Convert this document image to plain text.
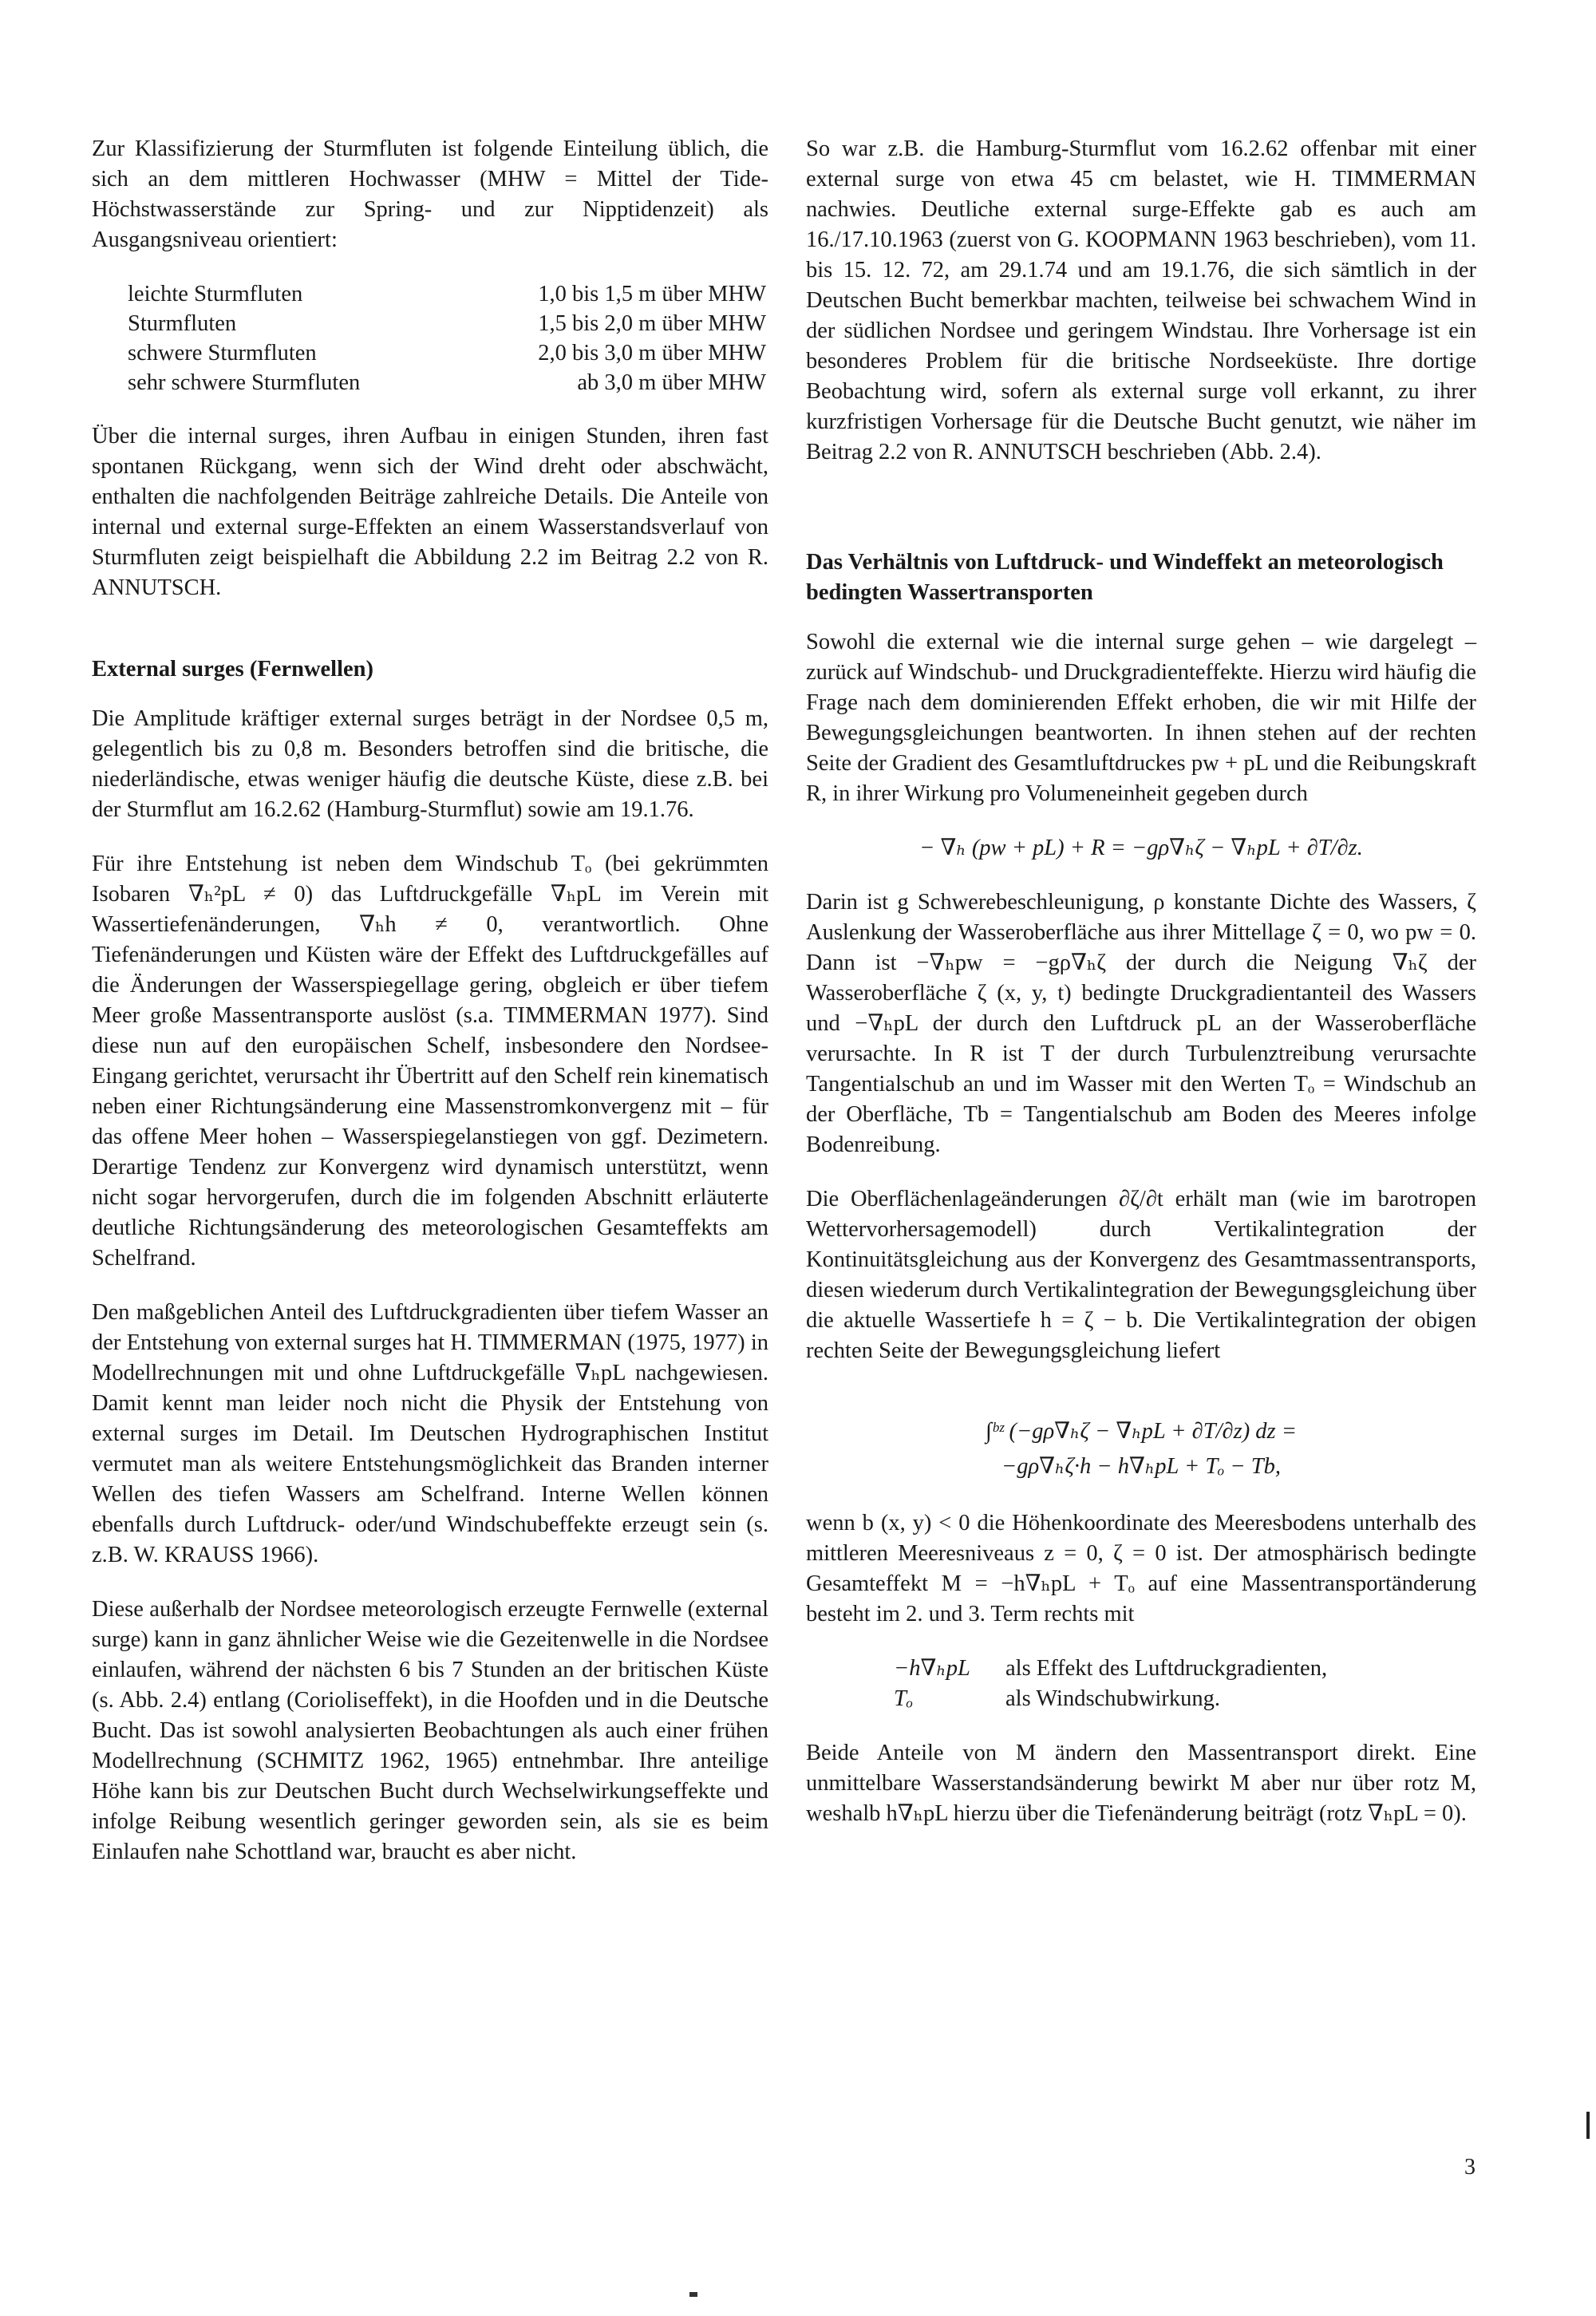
Zur Klassifizierung der Sturmfluten ist folgende Einteilung üblich, die sich an dem mittleren Hochwasser (MHW = Mittel der Tide-Höchstwasserstände zur Spring- und zur Nipptidenzeit) als Ausgangsniveau orientiert:

leichte Sturmfluten	1,0 bis 1,5 m über MHW
Sturmfluten	1,5 bis 2,0 m über MHW
schwere Sturmfluten	2,0 bis 3,0 m über MHW
sehr schwere Sturmfluten	ab 3,0 m über MHW

Über die internal surges, ihren Aufbau in einigen Stunden, ihren fast spontanen Rückgang, wenn sich der Wind dreht oder abschwächt, enthalten die nachfolgenden Beiträge zahlreiche Details. Die Anteile von internal und external surge-Effekten an einem Wasserstandsverlauf von Sturmfluten zeigt beispielhaft die Abbildung 2.2 im Beitrag 2.2 von R. ANNUTSCH.

External surges (Fernwellen)

Die Amplitude kräftiger external surges beträgt in der Nordsee 0,5 m, gelegentlich bis zu 0,8 m. Besonders betroffen sind die britische, die niederländische, etwas weniger häufig die deutsche Küste, diese z.B. bei der Sturmflut am 16.2.62 (Hamburg-Sturmflut) sowie am 19.1.76.

Für ihre Entstehung ist neben dem Windschub Tₒ (bei gekrümmten Isobaren ∇ₕ²pL ≠ 0) das Luftdruckgefälle ∇ₕpL im Verein mit Wassertiefenänderungen, ∇ₕh ≠ 0, verantwortlich. Ohne Tiefenänderungen und Küsten wäre der Effekt des Luftdruckgefälles auf die Änderungen der Wasserspiegellage gering, obgleich er über tiefem Meer große Massentransporte auslöst (s.a. TIMMERMAN 1977). Sind diese nun auf den europäischen Schelf, insbesondere den Nordsee-Eingang gerichtet, verursacht ihr Übertritt auf den Schelf rein kinematisch neben einer Richtungsänderung eine Massenstromkonvergenz mit – für das offene Meer hohen – Wasserspiegelanstiegen von ggf. Dezimetern. Derartige Tendenz zur Konvergenz wird dynamisch unterstützt, wenn nicht sogar hervorgerufen, durch die im folgenden Abschnitt erläuterte deutliche Richtungsänderung des meteorologischen Gesamteffekts am Schelfrand.

Den maßgeblichen Anteil des Luftdruckgradienten über tiefem Wasser an der Entstehung von external surges hat H. TIMMERMAN (1975, 1977) in Modellrechnungen mit und ohne Luftdruckgefälle ∇ₕpL nachgewiesen. Damit kennt man leider noch nicht die Physik der Entstehung von external surges im Detail. Im Deutschen Hydrographischen Institut vermutet man als weitere Entstehungsmöglichkeit das Branden interner Wellen des tiefen Wassers am Schelfrand. Interne Wellen können ebenfalls durch Luftdruck- oder/und Windschubeffekte erzeugt sein (s. z.B. W. KRAUSS 1966).

Diese außerhalb der Nordsee meteorologisch erzeugte Fernwelle (external surge) kann in ganz ähnlicher Weise wie die Gezeitenwelle in die Nordsee einlaufen, während der nächsten 6 bis 7 Stunden an der britischen Küste (s. Abb. 2.4) entlang (Corioliseffekt), in die Hoofden und in die Deutsche Bucht. Das ist sowohl analysierten Beobachtungen als auch einer frühen Modellrechnung (SCHMITZ 1962, 1965) entnehmbar. Ihre anteilige Höhe kann bis zur Deutschen Bucht durch Wechselwirkungseffekte und infolge Reibung wesentlich geringer geworden sein, als sie es beim Einlaufen nahe Schottland war, braucht es aber nicht.

So war z.B. die Hamburg-Sturmflut vom 16.2.62 offenbar mit einer external surge von etwa 45 cm belastet, wie H. TIMMERMAN nachwies. Deutliche external surge-Effekte gab es auch am 16./17.10.1963 (zuerst von G. KOOPMANN 1963 beschrieben), vom 11. bis 15. 12. 72, am 29.1.74 und am 19.1.76, die sich sämtlich in der Deutschen Bucht bemerkbar machten, teilweise bei schwachem Wind in der südlichen Nordsee und geringem Windstau. Ihre Vorhersage ist ein besonderes Problem für die britische Nordseeküste. Ihre dortige Beobachtung wird, sofern als external surge voll erkannt, zu ihrer kurzfristigen Vorhersage für die Deutsche Bucht genutzt, wie näher im Beitrag 2.2 von R. ANNUTSCH beschrieben (Abb. 2.4).

Das Verhältnis von Luftdruck- und Windeffekt an meteorologisch bedingten Wassertransporten

Sowohl die external wie die internal surge gehen – wie dargelegt – zurück auf Windschub- und Druckgradienteffekte. Hierzu wird häufig die Frage nach dem dominierenden Effekt erhoben, die wir mit Hilfe der Bewegungsgleichungen beantworten. In ihnen stehen auf der rechten Seite der Gradient des Gesamtluftdruckes pw + pL und die Reibungskraft R, in ihrer Wirkung pro Volumeneinheit gegeben durch

− ∇ₕ (pw + pL) + R = −gρ∇ₕζ − ∇ₕpL + ∂T/∂z.

Darin ist g Schwerebeschleunigung, ρ konstante Dichte des Wassers, ζ Auslenkung der Wasseroberfläche aus ihrer Mittellage ζ = 0, wo pw = 0. Dann ist −∇ₕpw = −gρ∇ₕζ der durch die Neigung ∇ₕζ der Wasseroberfläche ζ (x, y, t) bedingte Druckgradientanteil des Wassers und −∇ₕpL der durch den Luftdruck pL an der Wasseroberfläche verursachte. In R ist T der durch Turbulenztreibung verursachte Tangentialschub an und im Wasser mit den Werten Tₒ = Windschub an der Oberfläche, Tb = Tangentialschub am Boden des Meeres infolge Bodenreibung.

Die Oberflächenlageänderungen ∂ζ/∂t erhält man (wie im barotropen Wettervorhersagemodell) durch Vertikalintegration der Kontinuitätsgleichung aus der Konvergenz des Gesamtmassentransports, diesen wiederum durch Vertikalintegration der Bewegungsgleichung über die aktuelle Wassertiefe h = ζ − b. Die Vertikalintegration der obigen rechten Seite der Bewegungsgleichung liefert

∫ᵇᶻ (−gρ∇ₕζ − ∇ₕpL + ∂T/∂z) dz =
−gρ∇ₕζ·h − h∇ₕpL + Tₒ − Tb,

wenn b (x, y) < 0 die Höhenkoordinate des Meeresbodens unterhalb des mittleren Meeresniveaus z = 0, ζ = 0 ist. Der atmosphärisch bedingte Gesamteffekt M = −h∇ₕpL + Tₒ auf eine Massentransportänderung besteht im 2. und 3. Term rechts mit

−h∇ₕpL als Effekt des Luftdruckgradienten,
Tₒ	als Windschubwirkung.

Beide Anteile von M ändern den Massentransport direkt. Eine unmittelbare Wasserstandsänderung bewirkt M aber nur über rotz M, weshalb h∇ₕpL hierzu über die Tiefenänderung beiträgt (rotz ∇ₕpL = 0).

3
